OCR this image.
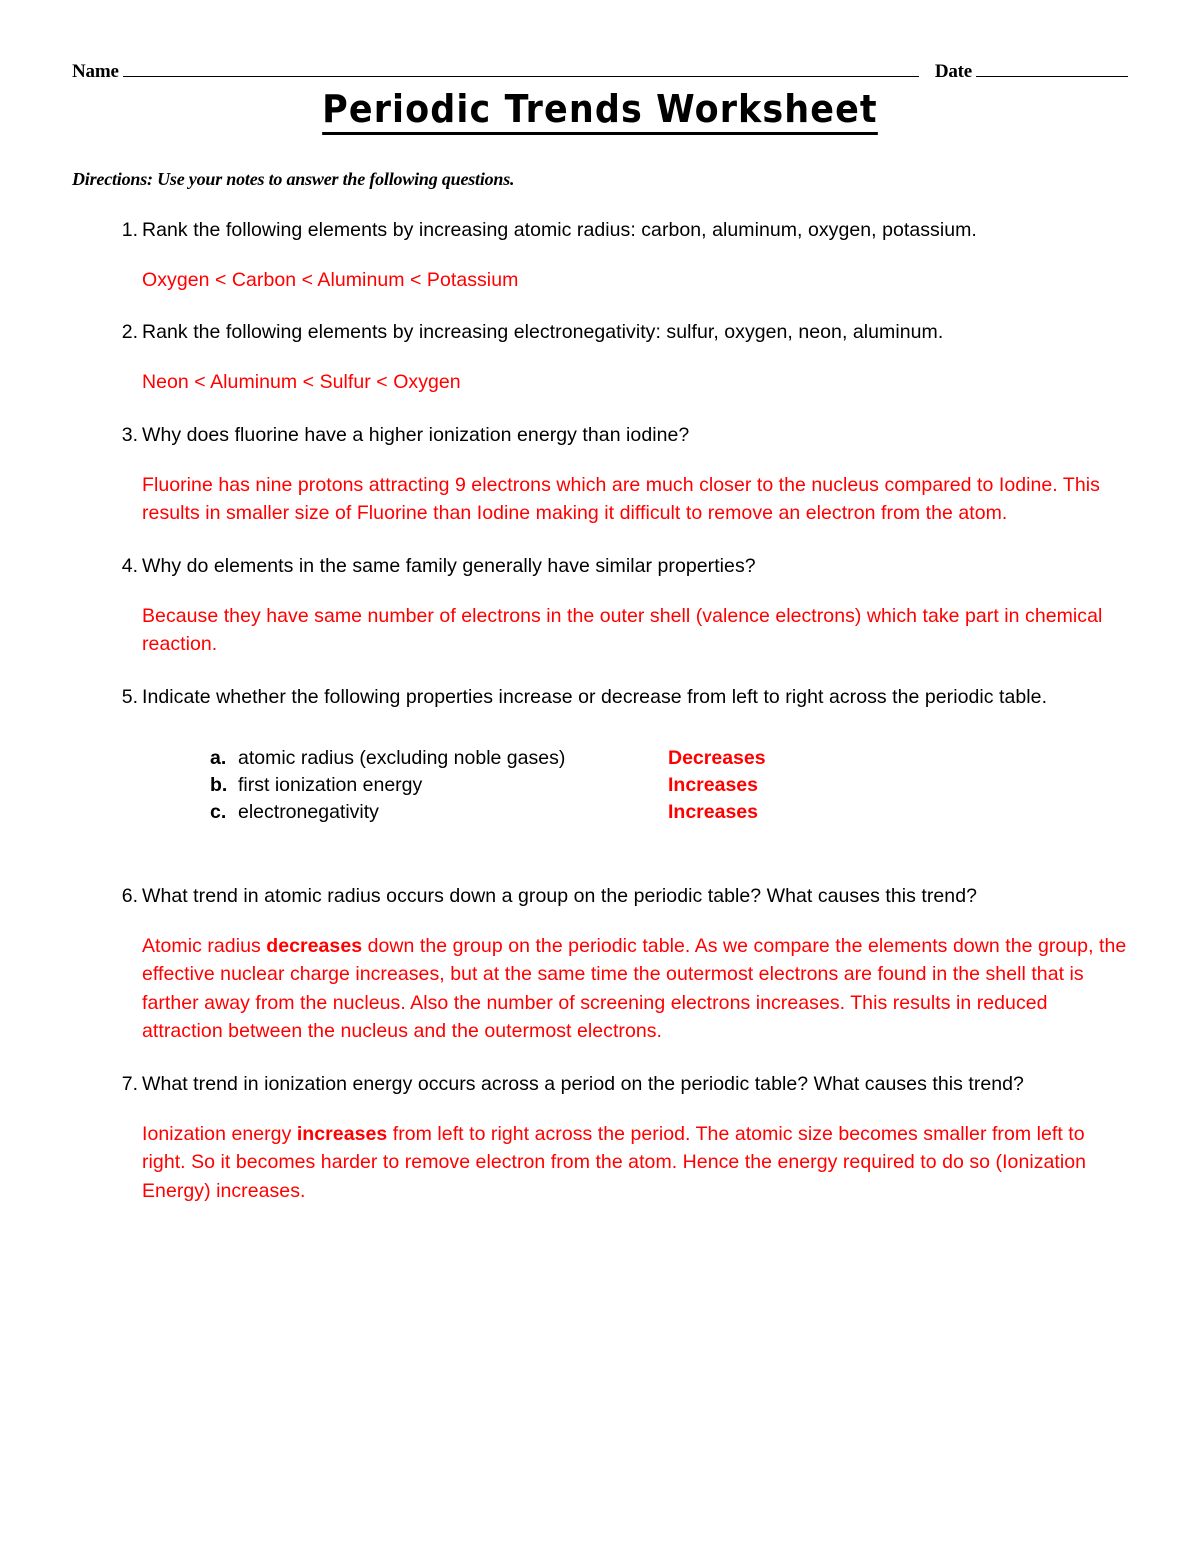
Name	Date
Periodic Trends Worksheet
Directions: Use your notes to answer the following questions.
1. Rank the following elements by increasing atomic radius: carbon, aluminum, oxygen, potassium.
Oxygen < Carbon < Aluminum < Potassium
2. Rank the following elements by increasing electronegativity: sulfur, oxygen, neon, aluminum.
Neon < Aluminum < Sulfur < Oxygen
3. Why does fluorine have a higher ionization energy than iodine?
Fluorine has nine protons attracting 9 electrons which are much closer to the nucleus compared to Iodine. This results in smaller size of Fluorine than Iodine making it difficult to remove an electron from the atom.
4. Why do elements in the same family generally have similar properties?
Because they have same number of electrons in the outer shell (valence electrons) which take part in chemical reaction.
5. Indicate whether the following properties increase or decrease from left to right across the periodic table.
a. atomic radius (excluding noble gases)	Decreases
b. first ionization energy	Increases
c. electronegativity	Increases
6. What trend in atomic radius occurs down a group on the periodic table? What causes this trend?
Atomic radius decreases down the group on the periodic table. As we compare the elements down the group, the effective nuclear charge increases, but at the same time the outermost electrons are found in the shell that is farther away from the nucleus. Also the number of screening electrons increases. This results in reduced attraction between the nucleus and the outermost electrons.
7. What trend in ionization energy occurs across a period on the periodic table? What causes this trend?
Ionization energy increases from left to right across the period. The atomic size becomes smaller from left to right. So it becomes harder to remove electron from the atom. Hence the energy required to do so (Ionization Energy) increases.
